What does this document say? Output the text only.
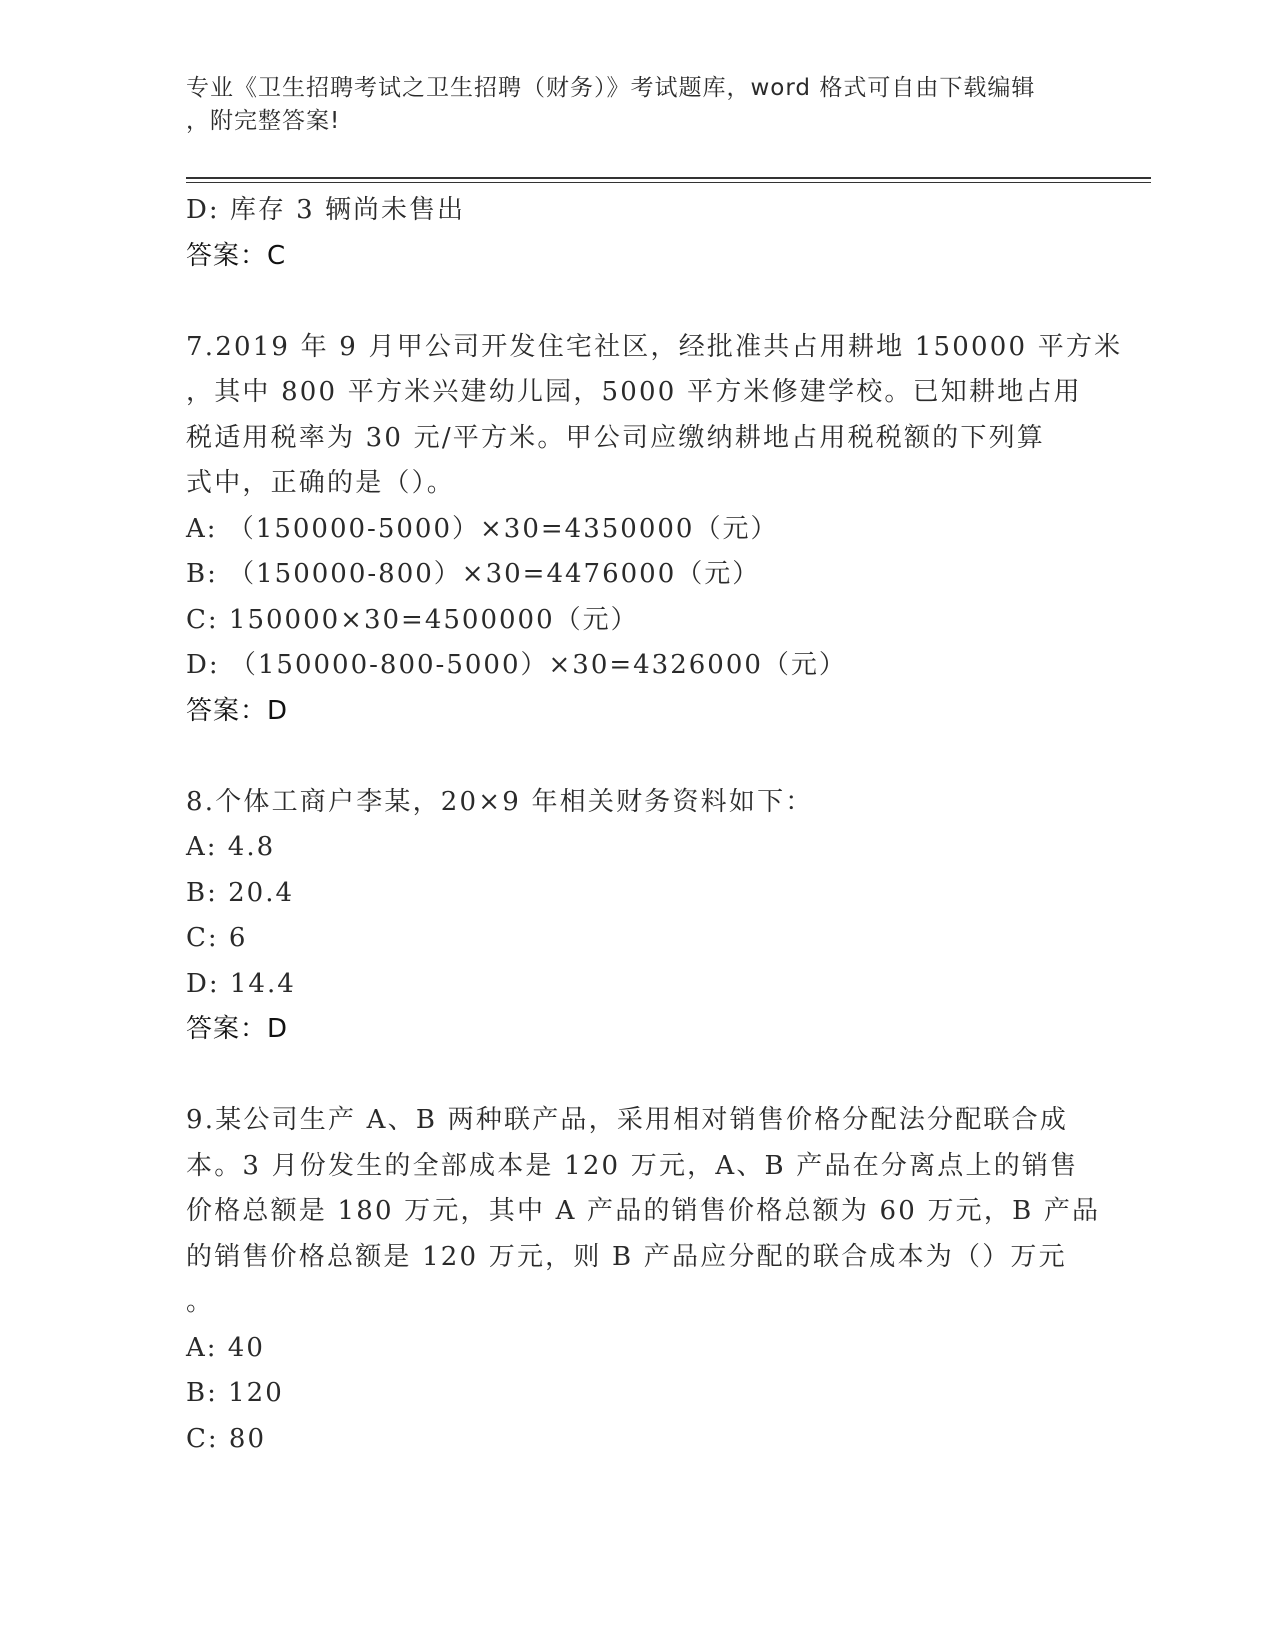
专业《卫生招聘考试之卫生招聘（财务）》考试题库，word 格式可自由下载编辑
，附完整答案!
D: 库存 3 辆尚未售出
答案：C
7.2019 年 9 月甲公司开发住宅社区，经批准共占用耕地 150000 平方米
，其中 800 平方米兴建幼儿园，5000 平方米修建学校。已知耕地占用
税适用税率为 30 元/平方米。甲公司应缴纳耕地占用税税额的下列算
式中，正确的是（）。
A: （150000-5000）×30=4350000（元）
B: （150000-800）×30=4476000（元）
C: 150000×30=4500000（元）
D: （150000-800-5000）×30=4326000（元）
答案：D
8.个体工商户李某，20×9 年相关财务资料如下：
A: 4.8
B: 20.4
C: 6
D: 14.4
答案：D
9.某公司生产 A、B 两种联产品，采用相对销售价格分配法分配联合成
本。3 月份发生的全部成本是 120 万元，A、B 产品在分离点上的销售
价格总额是 180 万元，其中 A 产品的销售价格总额为 60 万元，B 产品
的销售价格总额是 120 万元，则 B 产品应分配的联合成本为（）万元
。
A: 40
B: 120
C: 80
